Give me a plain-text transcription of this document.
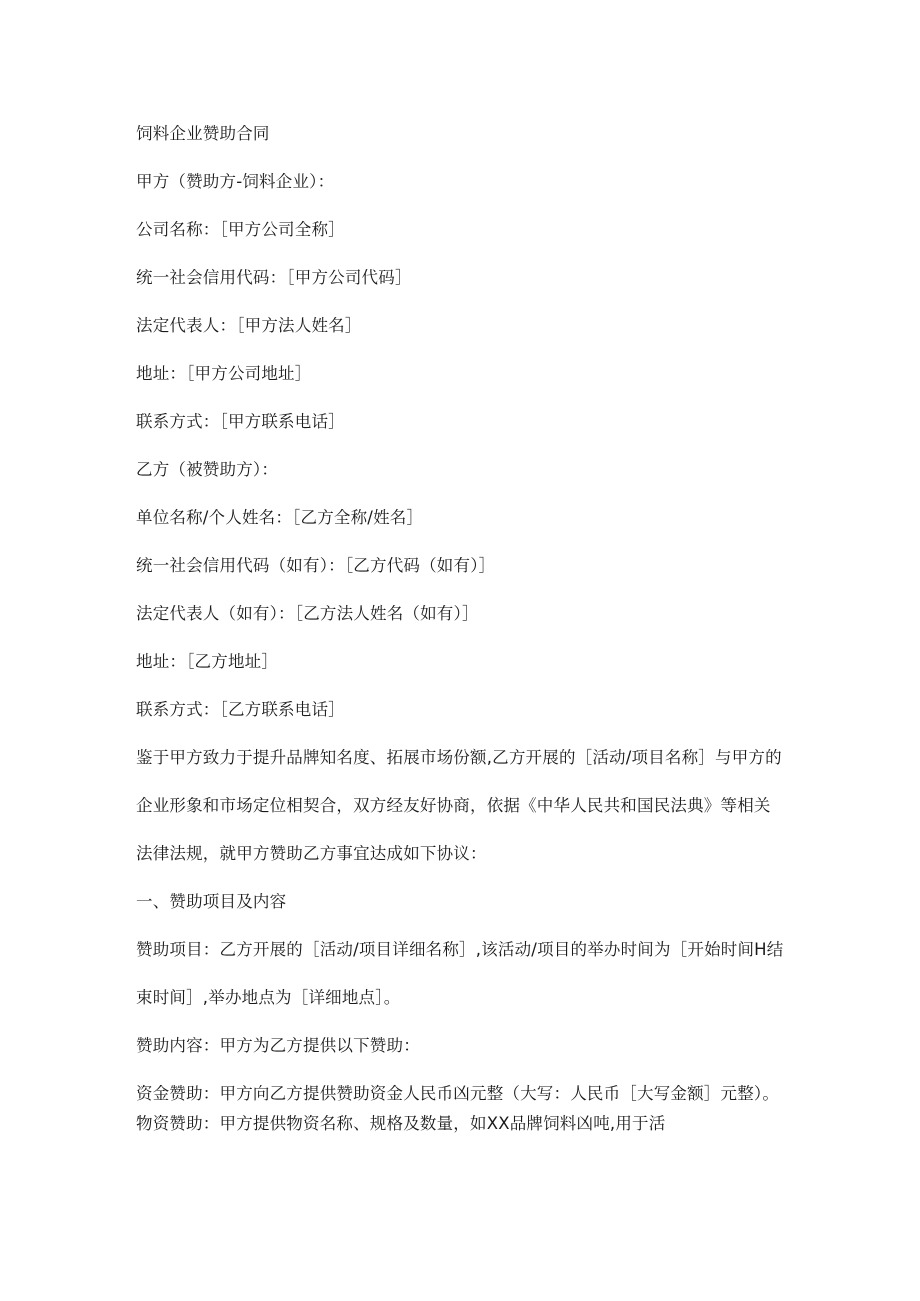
饲料企业赞助合同
甲方（赞助方-饲料企业）：
公司名称：［甲方公司全称］
统一社会信用代码：［甲方公司代码］
法定代表人：［甲方法人姓名］
地址：［甲方公司地址］
联系方式：［甲方联系电话］
乙方（被赞助方）：
单位名称/个人姓名：［乙方全称/姓名］
统一社会信用代码（如有）：［乙方代码（如有）］
法定代表人（如有）：［乙方法人姓名（如有）］
地址：［乙方地址］
联系方式：［乙方联系电话］
鉴于甲方致力于提升品牌知名度、拓展市场份额,乙方开展的［活动/项目名称］与甲方的
企业形象和市场定位相契合，双方经友好协商，依据《中华人民共和国民法典》等相关
法律法规，就甲方赞助乙方事宜达成如下协议：
一、赞助项目及内容
赞助项目：乙方开展的［活动/项目详细名称］,该活动/项目的举办时间为［开始时间H结
束时间］,举办地点为［详细地点］。
赞助内容：甲方为乙方提供以下赞助：
资金赞助：甲方向乙方提供赞助资金人民币凶元整（大写：人民币［大写金额］元整）。
物资赞助：甲方提供物资名称、规格及数量，如XX品牌饲料凶吨,用于活
